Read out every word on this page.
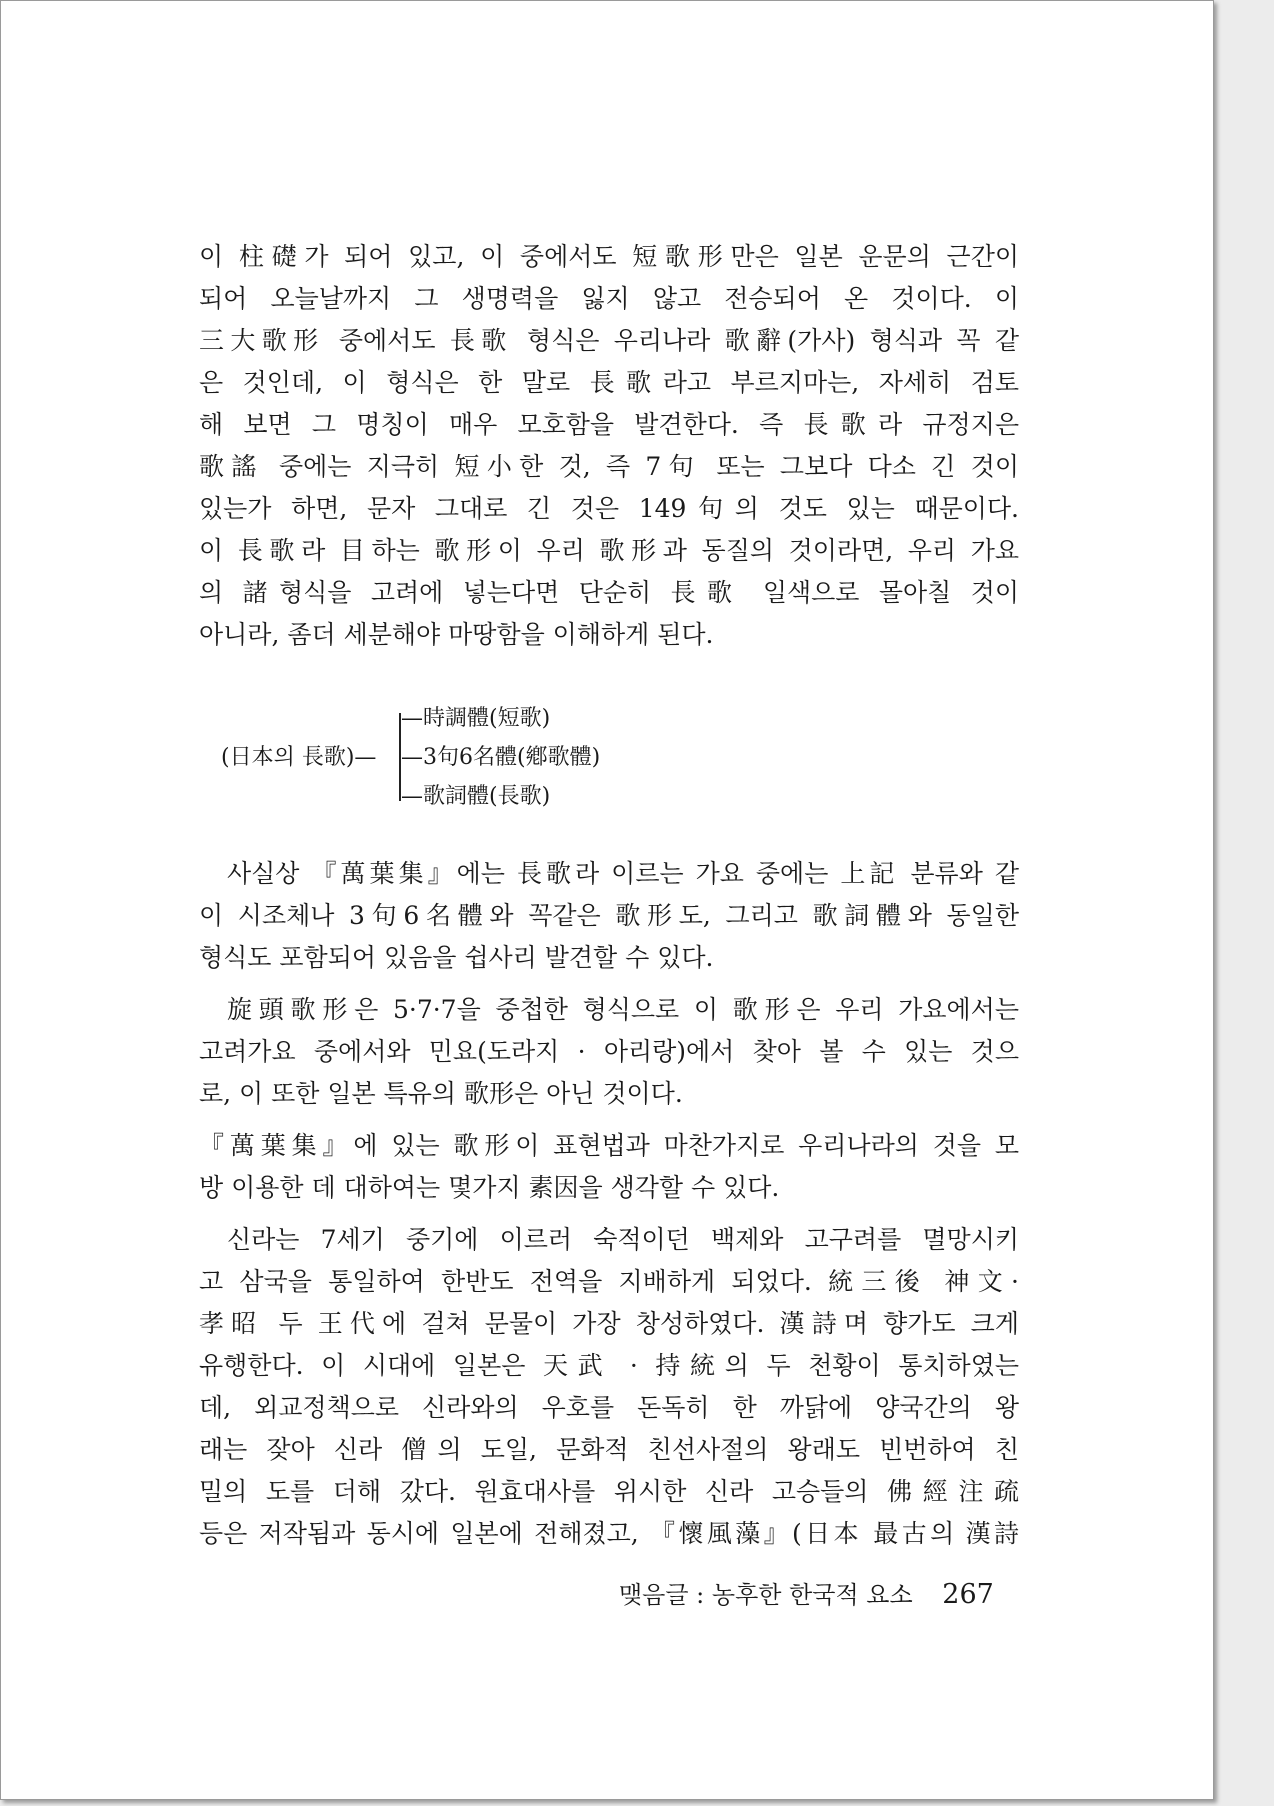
이 柱礎가 되어 있고, 이 중에서도 短歌形만은 일본 운문의 근간이
되어 오늘날까지 그 생명력을 잃지 않고 전승되어 온 것이다. 이
三大歌形 중에서도 長歌 형식은 우리나라 歌辭(가사) 형식과 꼭 같
은 것인데, 이 형식은 한 말로 長歌라고 부르지마는, 자세히 검토
해 보면 그 명칭이 매우 모호함을 발견한다. 즉 長歌라 규정지은
歌謠 중에는 지극히 短小한 것, 즉 7句 또는 그보다 다소 긴 것이
있는가 하면, 문자 그대로 긴 것은 149句의 것도 있는 때문이다.
이 長歌라 目하는 歌形이 우리 歌形과 동질의 것이라면, 우리 가요
의 諸형식을 고려에 넣는다면 단순히 長歌 일색으로 몰아칠 것이
아니라, 좀더 세분해야 마땅함을 이해하게 된다.
(日本의 長歌)—
—時調體(短歌)
—3句6名體(鄕歌體)
—歌詞體(長歌)
사실상 『萬葉集』에는 長歌라 이르는 가요 중에는 上記 분류와 같
이 시조체나 3句6名體와 꼭같은 歌形도, 그리고 歌詞體와 동일한
형식도 포함되어 있음을 쉽사리 발견할 수 있다.
旋頭歌形은 5·7·7을 중첩한 형식으로 이 歌形은 우리 가요에서는
고려가요 중에서와 민요(도라지 · 아리랑)에서 찾아 볼 수 있는 것으
로, 이 또한 일본 특유의 歌形은 아닌 것이다.
『萬葉集』에 있는 歌形이 표현법과 마찬가지로 우리나라의 것을 모
방 이용한 데 대하여는 몇가지 素因을 생각할 수 있다.
신라는 7세기 중기에 이르러 숙적이던 백제와 고구려를 멸망시키
고 삼국을 통일하여 한반도 전역을 지배하게 되었다. 統三後 神文·
孝昭 두 王代에 걸쳐 문물이 가장 창성하였다. 漢詩며 향가도 크게
유행한다. 이 시대에 일본은 天武 · 持統의 두 천황이 통치하였는
데, 외교정책으로 신라와의 우호를 돈독히 한 까닭에 양국간의 왕
래는 잦아 신라 僧의 도일, 문화적 친선사절의 왕래도 빈번하여 친
밀의 도를 더해 갔다. 원효대사를 위시한 신라 고승들의 佛經注疏
등은 저작됨과 동시에 일본에 전해졌고, 『懷風藻』(日本 最古의 漢詩
맺음글 : 농후한 한국적 요소 267
